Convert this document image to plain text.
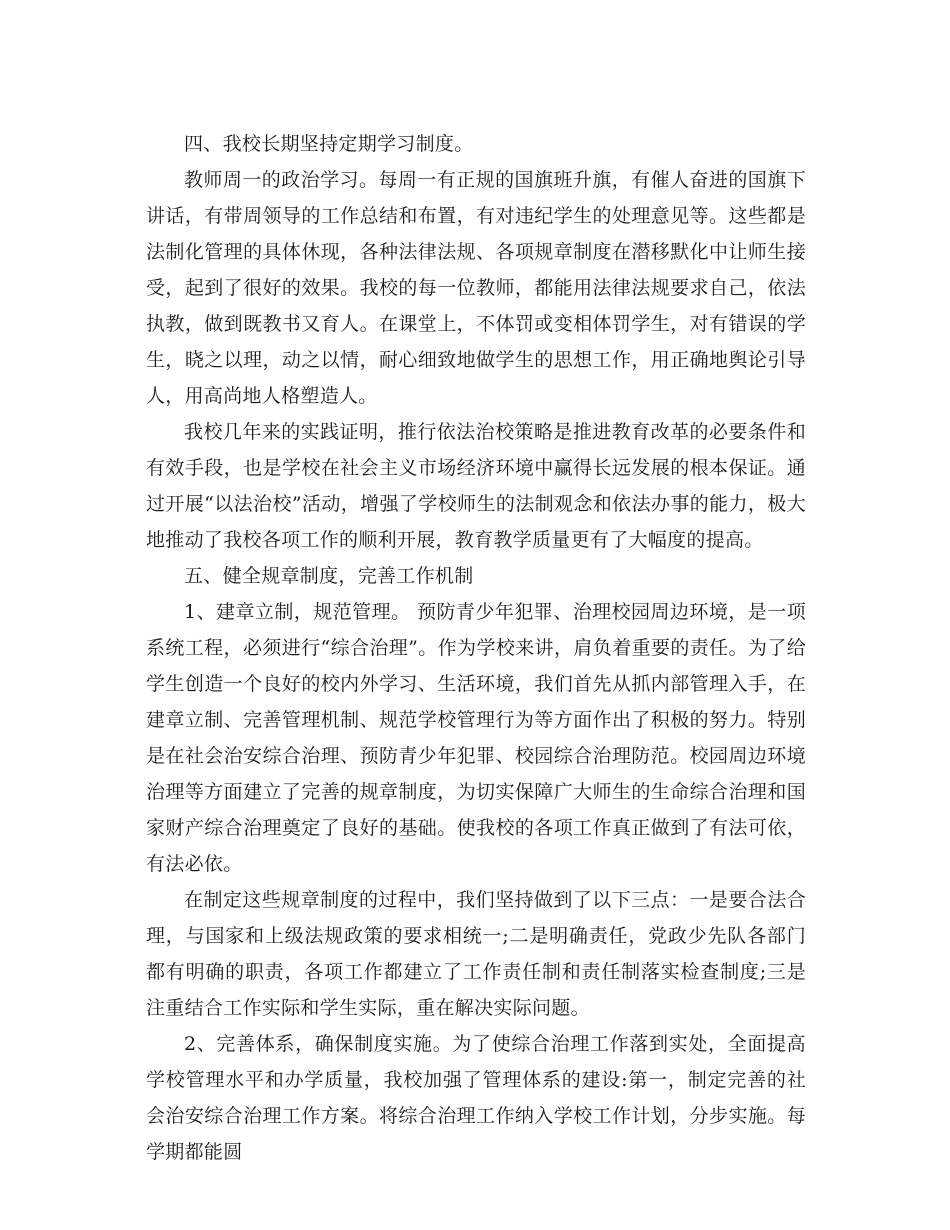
四、我校长期坚持定期学习制度。

教师周一的政治学习。每周一有正规的国旗班升旗，有催人奋进的国旗下讲话，有带周领导的工作总结和布置，有对违纪学生的处理意见等。这些都是法制化管理的具体休现，各种法律法规、各项规章制度在潜移默化中让师生接受，起到了很好的效果。我校的每一位教师，都能用法律法规要求自己，依法执教，做到既教书又育人。在课堂上，不体罚或变相体罚学生，对有错误的学生，晓之以理，动之以情，耐心细致地做学生的思想工作，用正确地舆论引导人，用高尚地人格塑造人。

我校几年来的实践证明，推行依法治校策略是推进教育改革的必要条件和有效手段，也是学校在社会主义市场经济环境中赢得长远发展的根本保证。通过开展“以法治校”活动，增强了学校师生的法制观念和依法办事的能力，极大地推动了我校各项工作的顺利开展，教育教学质量更有了大幅度的提高。

五、健全规章制度，完善工作机制

1、建章立制，规范管理。 预防青少年犯罪、治理校园周边环境，是一项系统工程，必须进行“综合治理”。作为学校来讲，肩负着重要的责任。为了给学生创造一个良好的校内外学习、生活环境，我们首先从抓内部管理入手，在建章立制、完善管理机制、规范学校管理行为等方面作出了积极的努力。特别是在社会治安综合治理、预防青少年犯罪、校园综合治理防范。校园周边环境治理等方面建立了完善的规章制度，为切实保障广大师生的生命综合治理和国家财产综合治理奠定了良好的基础。使我校的各项工作真正做到了有法可依，有法必依。

在制定这些规章制度的过程中，我们坚持做到了以下三点：一是要合法合理，与国家和上级法规政策的要求相统一;二是明确责任，党政少先队各部门都有明确的职责，各项工作都建立了工作责任制和责任制落实检查制度;三是注重结合工作实际和学生实际，重在解决实际问题。

2、完善体系，确保制度实施。为了使综合治理工作落到实处，全面提高学校管理水平和办学质量，我校加强了管理体系的建设:第一，制定完善的社会治安综合治理工作方案。将综合治理工作纳入学校工作计划，分步实施。每学期都能圆
